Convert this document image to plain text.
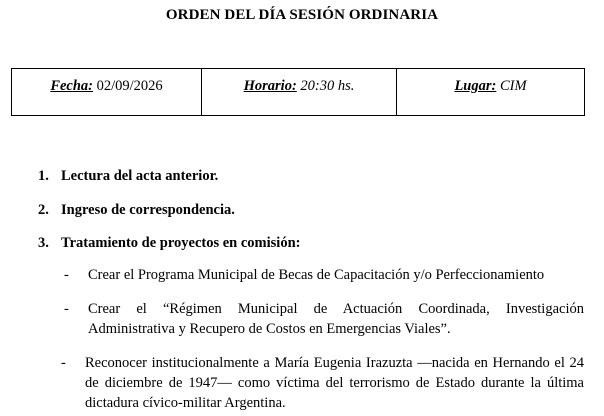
ORDEN DEL DÍA SESIÓN ORDINARIA
Fecha: 02/09/2026	Horario: 20:30 hs.	Lugar: CIM
1. Lectura del acta anterior.
2. Ingreso de correspondencia.
3. Tratamiento de proyectos en comisión:
- Crear el Programa Municipal de Becas de Capacitación y/o Perfeccionamiento
- Crear el “Régimen Municipal de Actuación Coordinada, Investigación Administrativa y Recupero de Costos en Emergencias Viales”.
- Reconocer institucionalmente a María Eugenia Irazuzta —nacida en Hernando el 24 de diciembre de 1947— como víctima del terrorismo de Estado durante la última dictadura cívico-militar Argentina.
